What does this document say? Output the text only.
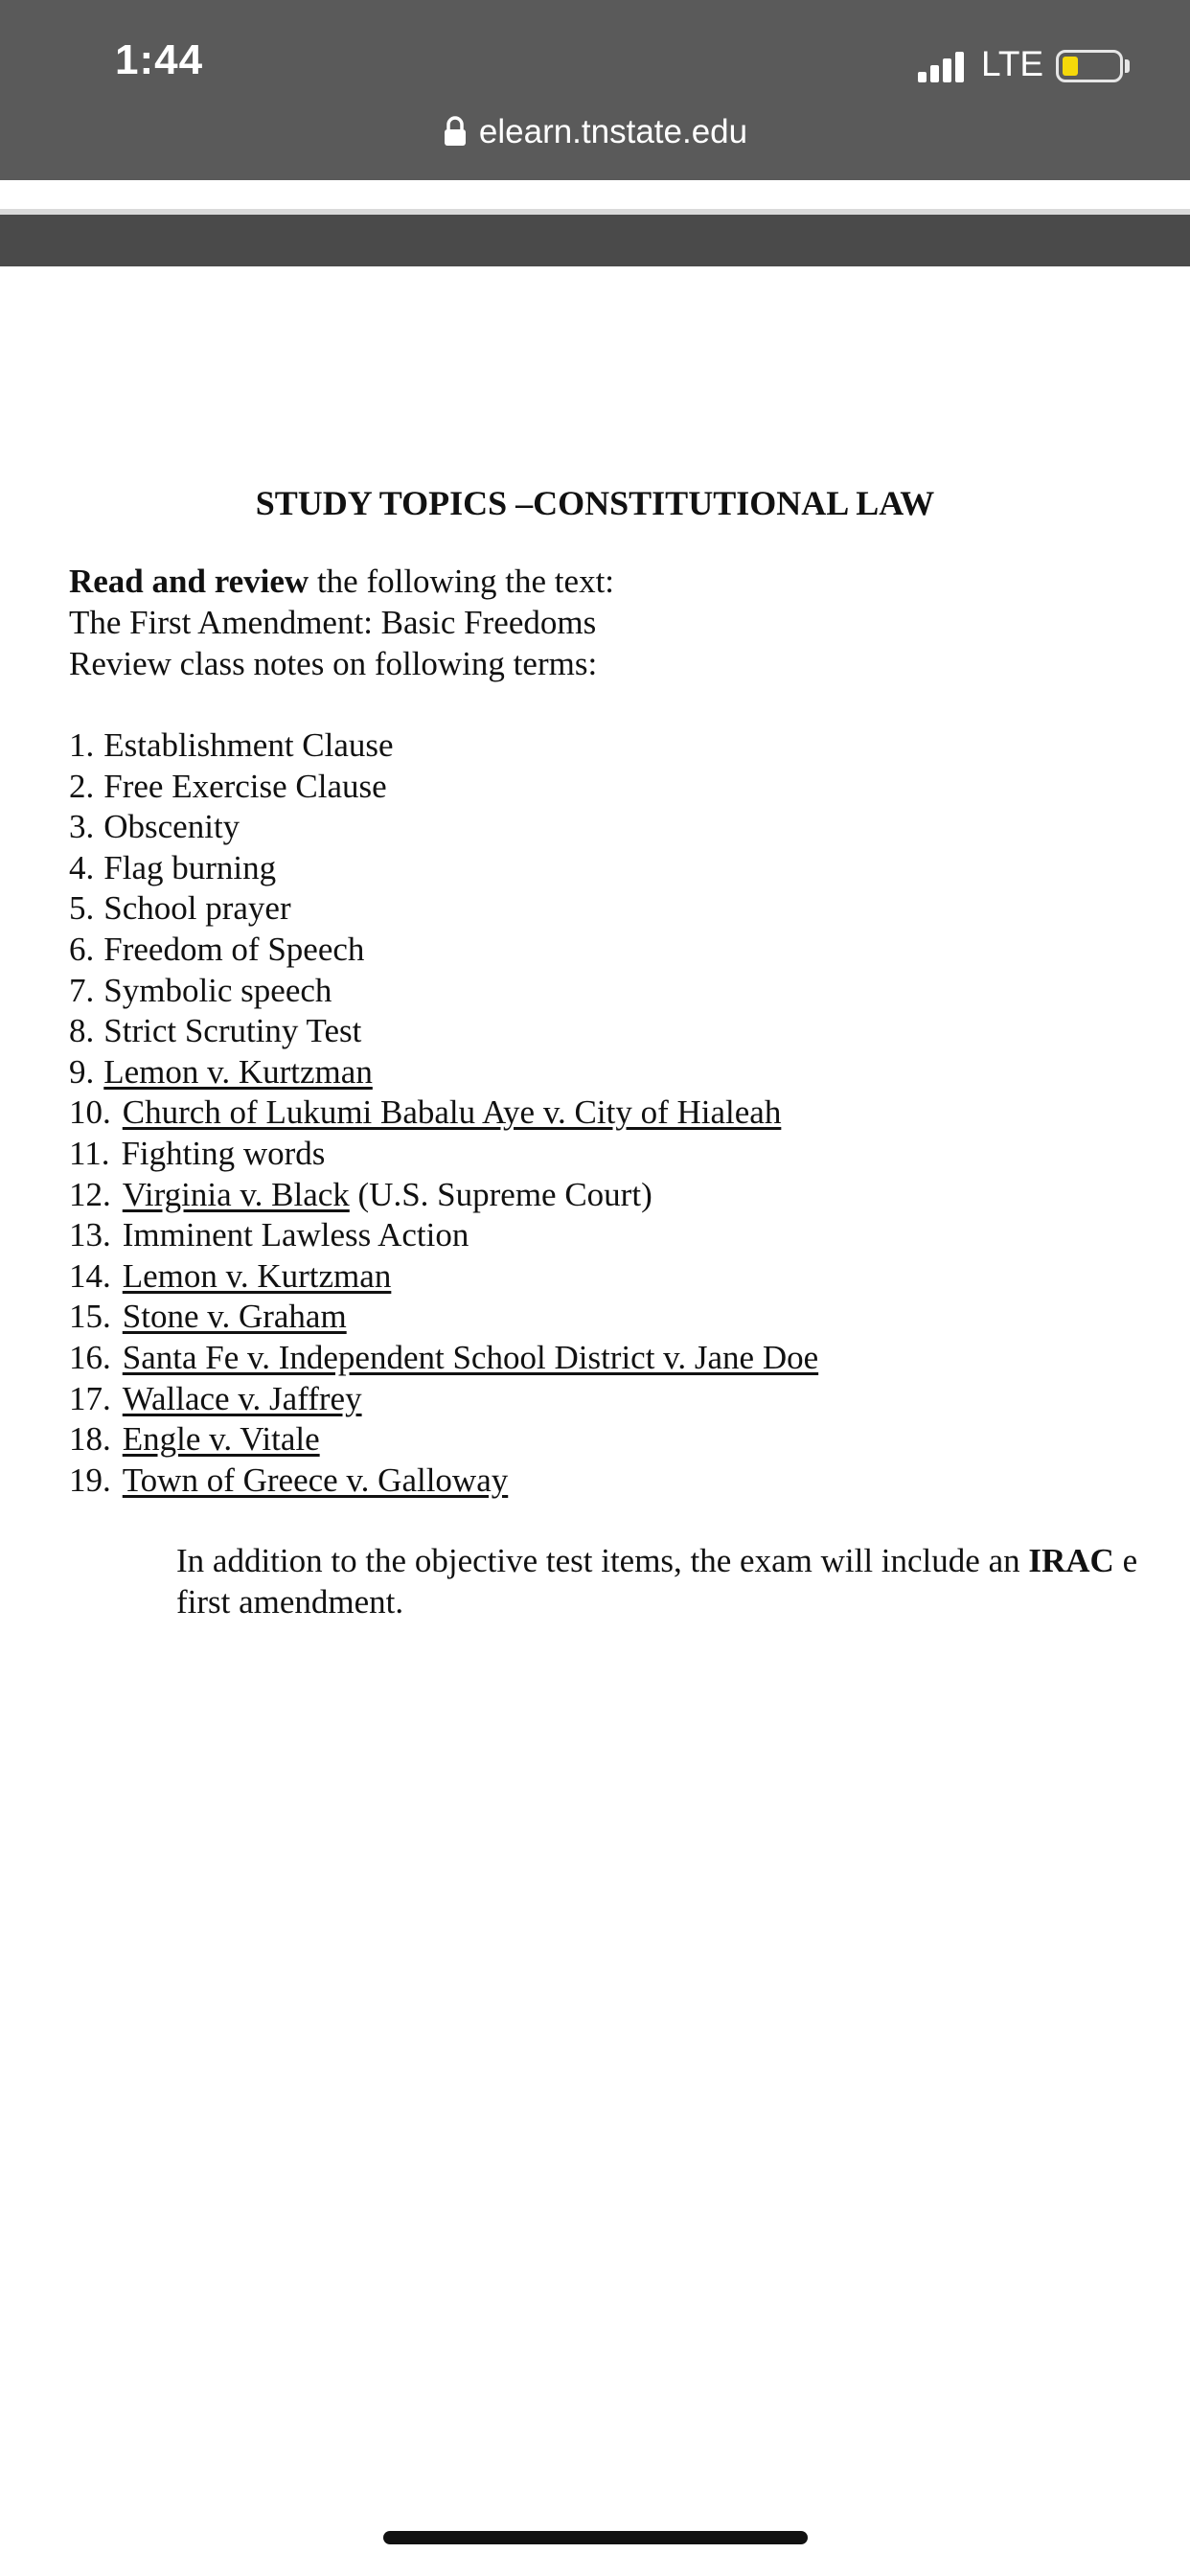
1:44	LTE
elearn.tnstate.edu
STUDY TOPICS –CONSTITUTIONAL LAW
Read and review the following the text:
The First Amendment: Basic Freedoms
Review class notes on following terms:
1. Establishment Clause
2. Free Exercise Clause
3. Obscenity
4. Flag burning
5. School prayer
6. Freedom of Speech
7. Symbolic speech
8. Strict Scrutiny Test
9. Lemon v. Kurtzman
10. Church of Lukumi Babalu Aye v. City of Hialeah
11. Fighting words
12. Virginia v. Black (U.S. Supreme Court)
13. Imminent Lawless Action
14. Lemon v. Kurtzman
15. Stone v. Graham
16. Santa Fe v. Independent School District v. Jane Doe
17. Wallace v. Jaffrey
18. Engle v. Vitale
19. Town of Greece v. Galloway
In addition to the objective test items, the exam will include an IRAC e
first amendment.
